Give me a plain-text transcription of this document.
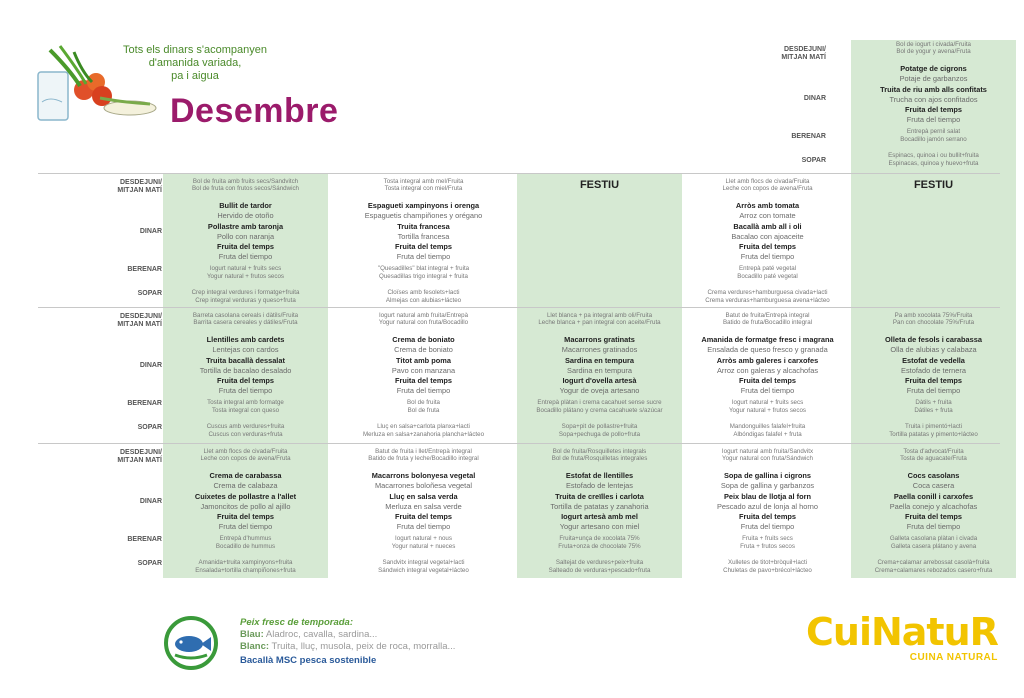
Tots els dinars s'acompanyen
d'amanida variada,
pa i aigua
Desembre
DESDEJUNI/
MITJAN MATÍ
DINAR
BERENAR
SOPAR
Bol de iogurt i civada/Fruita
Bol de yogur y avena/Fruta
Potatge de cigrons
Potaje de garbanzos
Truita de riu amb alls confitats
Trucha con ajos confitados
Fruita del temps
Fruta del tiempo
Entrepà pernil salat
Bocadillo jamón serrano
Espinacs, quinoa i ou bullit+fruita
Espinacas, quinoa y huevo+fruta
DESDEJUNI/
MITJAN MATÍ
DINAR
BERENAR
SOPAR
Bol de fruita amb fruits secs/Sandvitch
Bol de fruta con frutos secos/Sándwich
Bullit de tardor
Hervido de otoño
Pollastre amb taronja
Pollo con naranja
Fruita del temps
Fruta del tiempo
Iogurt natural + fruits secs
Yogur natural + frutos secos
Crep integral verdures i formatge+fruita
Crep integral verduras y queso+fruta
Tosta integral amb mel/Fruita
Tosta integral con miel/Fruta
Espagueti xampinyons i orenga
Espaguetis champiñones y orégano
Truita francesa
Tortilla francesa
Fruita del temps
Fruta del tiempo
"Quesadilles" blat integral + fruita
Quesadillas trigo integral + fruita
Cloïses amb fesolets+lacti
Almejas con alubias+lácteo
FESTIU	Llet amb flocs de civada/Fruita
Leche con copos de avena/Fruta
Arròs amb tomata
Arroz con tomate
Bacallà amb all i oli
Bacalao con ajoaceite
Fruita del temps
Fruta del tiempo
Entrepà paté vegetal
Bocadillo paté vegetal
Crema verdures+hamburguesa civada+lacti
Crema verduras+hamburguesa avena+lácteo
FESTIU
DESDEJUNI/
MITJAN MATÍ
DINAR
BERENAR
SOPAR
Barreta casolana cereals i dàtils/Fruita
Barrita casera cereales y dátiles/Fruta
Llentilles amb cardets
Lentejas con cardos
Truita bacallà dessalat
Tortilla de bacalao desalado
Fruita del temps
Fruta del tiempo
Tosta integral amb formatge
Tosta integral con queso
Cuscus amb verdures+fruita
Cuscus con verduras+fruta
Iogurt natural amb fruita/Entrepà
Yogur natural con fruta/Bocadillo
Crema de boniato
Crema de boniato
Titot amb poma
Pavo con manzana
Fruita del temps
Fruta del tiempo
Bol de fruita
Bol de fruta
Lluç en salsa+carlota planxa+lacti
Merluza en salsa+zanahoria plancha+lácteo
Llet blanca + pa integral amb oli/Fruita
Leche blanca + pan integral con aceite/Fruta
Macarrons gratinats
Macarrones gratinados
Sardina en tempura
Sardina en tempura
Iogurt d'ovella artesà
Yogur de oveja artesano
Entrepà plàtan i crema cacahuet sense sucre
Bocadillo plátano y crema cacahuete s/azúcar
Sopa+pit de pollastre+fruita
Sopa+pechuga de pollo+fruta
Batut de fruita/Entrepà integral
Batido de fruta/Bocadillo integral
Amanida de formatge fresc i magrana
Ensalada de queso fresco y granada
Arròs amb galeres i carxofes
Arroz con galeras y alcachofas
Fruita del temps
Fruta del tiempo
Iogurt natural + fruits secs
Yogur natural + frutos secos
Mandonguilles falafel+fruita
Albóndigas falafel + fruta
Pa amb xocolata 75%/Fruita
Pan con chocolate 75%/Fruta
Olleta de fesols i carabassa
Olla de alubias y calabaza
Estofat de vedella
Estofado de ternera
Fruita del temps
Fruta del tiempo
Dàtils + fruita
Dátiles + fruta
Truita i pimentó+lacti
Tortilla patatas y pimento+lácteo
DESDEJUNI/
MITJAN MATÍ
DINAR
BERENAR
SOPAR
Llet amb flocs de civada/Fruita
Leche con copos de avena/Fruta
Crema de carabassa
Crema de calabaza
Cuixetes de pollastre a l'allet
Jamoncitos de pollo al ajillo
Fruita del temps
Fruta del tiempo
Entrepà d'hummus
Bocadillo de hummus
Amanida+truita xampinyons+fruita
Ensalada+tortilla champiñones+fruta
Batut de fruita i llet/Entrepà integral
Batido de fruta y leche/Bocadillo integral
Macarrons bolonyesa vegetal
Macarrones boloñesa vegetal
Lluç en salsa verda
Merluza en salsa verde
Fruita del temps
Fruta del tiempo
Iogurt natural + nous
Yogur natural + nueces
Sandvitx integral vegetal+lacti
Sándwich integral vegetal+lácteo
Bol de fruita/Rosquilletes integrals
Bol de fruta/Rosquilletas integrales
Estofat de llentilles
Estofado de lentejas
Truita de creïlles i carlota
Tortilla de patatas y zanahoria
Iogurt artesà amb mel
Yogur artesano con miel
Fruita+unça de xocolata 75%
Fruta+onza de chocolate 75%
Saltejat de verdures+peix+fruita
Salteado de verduras+pescado+fruta
Iogurt natural amb fruita/Sandvitx
Yogur natural con fruta/Sándwich
Sopa de gallina i cigrons
Sopa de gallina y garbanzos
Peix blau de llotja al forn
Pescado azul de lonja al horno
Fruita del temps
Fruta del tiempo
Fruita + fruits secs
Fruta + frutos secos
Xulletes de titot+bròquil+lacti
Chuletas de pavo+brécol+lácteo
Tosta d'advocat/Fruita
Tosta de aguacate/Fruta
Cocs casolans
Coca casera
Paella conill i carxofes
Paella conejo y alcachofas
Fruita del temps
Fruta del tiempo
Galleta casolana plàtan i civada
Galleta casera plátano y avena
Crema+calamar arrebossat casolà+fruita
Crema+calamares rebozados casero+fruta
Peix fresc de temporada:
Blau: Aladroc, cavalla, sardina...
Blanc: Truita, lluç, musola, peix de roca, morralla...
Bacallà MSC pesca sostenible
CuiNatuR
CUINA NATURAL
